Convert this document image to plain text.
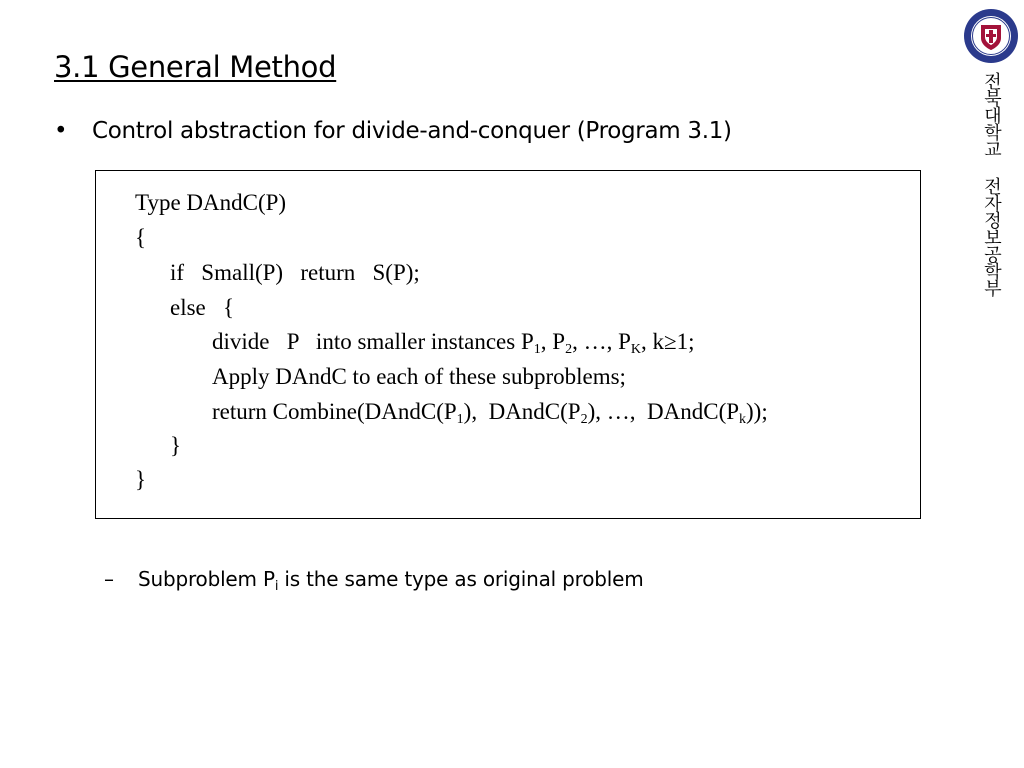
3.1 General Method
•	Control abstraction for divide-and-conquer (Program 3.1)
Type DAndC(P)
{
if   Small(P)   return   S(P);
else   {
divide   P   into smaller instances $P_1$, $P_2$, …, $P_K$, k≥1;
Apply DAndC to each of these subproblems;
return $Combine(DAndC(P_1)$,  $DAndC(P_2)$, …,  $DAndC(P_k)$);
}
}
–	Subproblem $P_i$ is the same type as original problem
전북대학교 전자정보공학부
